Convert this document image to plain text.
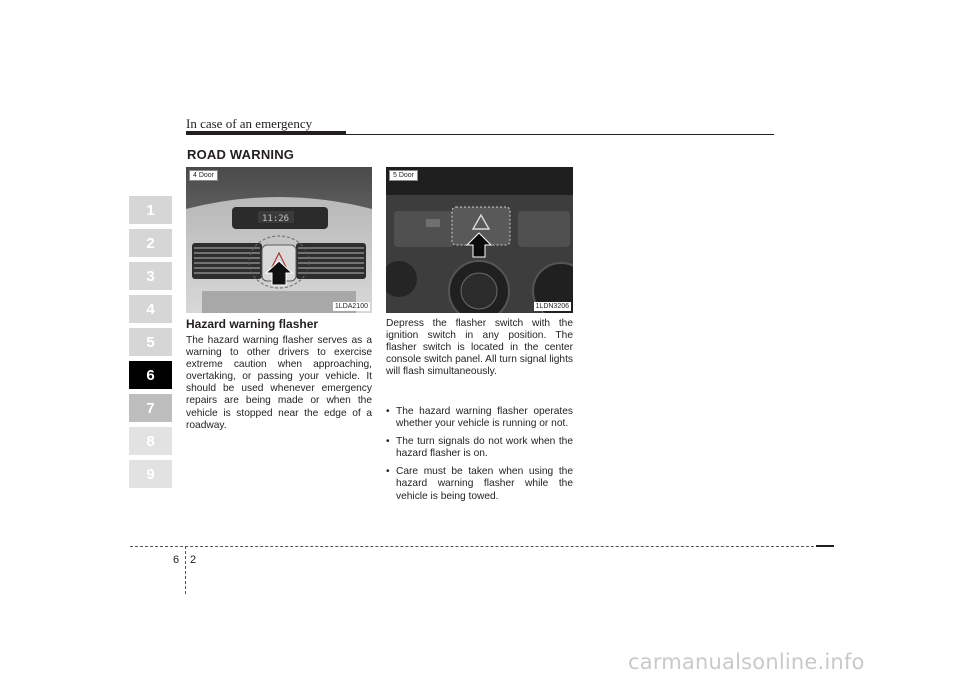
In case of an emergency
ROAD WARNING
1
2
3
4
5
6
7
8
9
11:26
4 Door
1LDA2100
5 Door
1LDN3206
Hazard warning flasher
The hazard warning flasher serves as a warning to other drivers to exercise extreme caution when approaching, overtaking, or passing your vehicle. It should be used whenever emergency repairs are being made or when the vehicle is stopped near the edge of a roadway.
Depress the flasher switch with the ignition switch in any position. The flasher switch is located in the center console switch panel. All turn signal lights will flash simultaneously.
• The hazard warning flasher operates whether your vehicle is running or not.
• The turn signals do not work when the hazard flasher is on.
• Care must be taken when using the hazard warning flasher while the vehicle is being towed.
6 2
carmanualsonline.info
